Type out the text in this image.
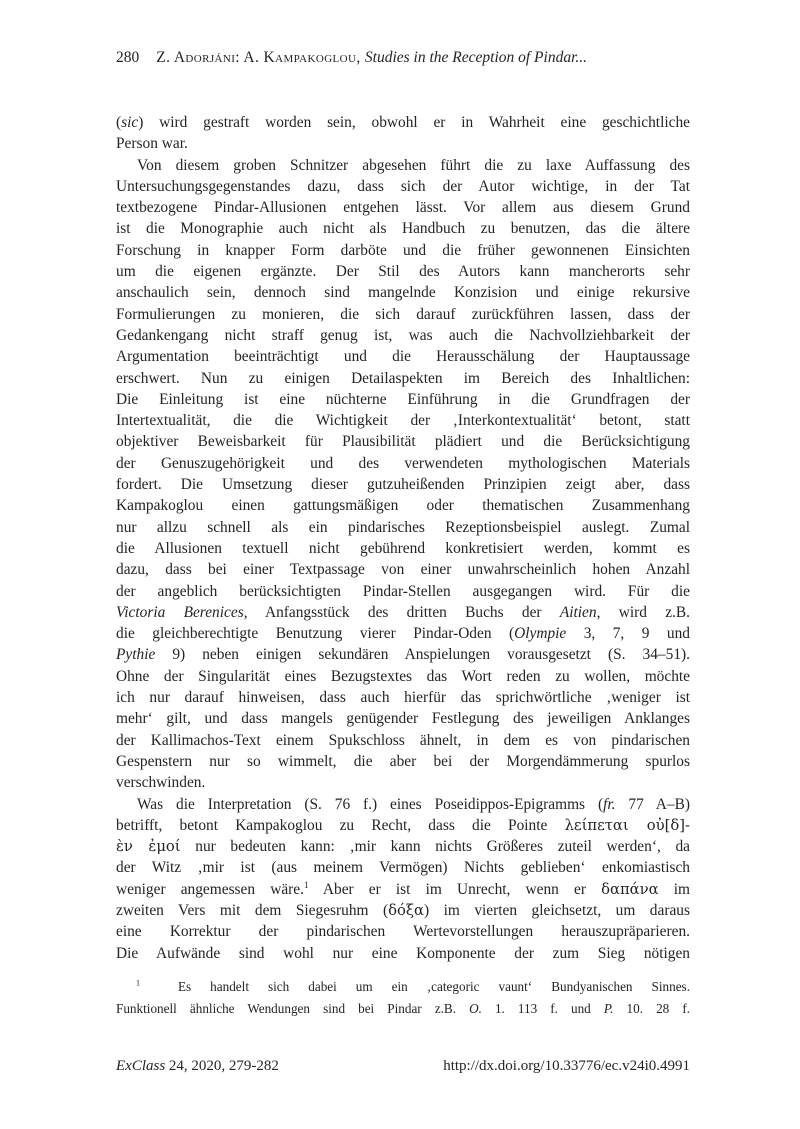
280 Z. Adorjáni: A. Kampakoglou, Studies in the Reception of Pindar...
(sic) wird gestraft worden sein, obwohl er in Wahrheit eine geschichtliche
Person war.
Von diesem groben Schnitzer abgesehen führt die zu laxe Auffassung des
Untersuchungsgegenstandes dazu, dass sich der Autor wichtige, in der Tat
textbezogene Pindar-Allusionen entgehen lässt. Vor allem aus diesem Grund
ist die Monographie auch nicht als Handbuch zu benutzen, das die ältere
Forschung in knapper Form darböte und die früher gewonnenen Einsichten
um die eigenen ergänzte. Der Stil des Autors kann mancherorts sehr
anschaulich sein, dennoch sind mangelnde Konzision und einige rekursive
Formulierungen zu monieren, die sich darauf zurückführen lassen, dass der
Gedankengang nicht straff genug ist, was auch die Nachvollziehbarkeit der
Argumentation beeinträchtigt und die Herausschälung der Hauptaussage
erschwert. Nun zu einigen Detailaspekten im Bereich des Inhaltlichen:
Die Einleitung ist eine nüchterne Einführung in die Grundfragen der
Intertextualität, die die Wichtigkeit der ‚Interkontextualität‘ betont, statt
objektiver Beweisbarkeit für Plausibilität plädiert und die Berücksichtigung
der Genuszugehörigkeit und des verwendeten mythologischen Materials
fordert. Die Umsetzung dieser gutzuheißenden Prinzipien zeigt aber, dass
Kampakoglou einen gattungsmäßigen oder thematischen Zusammenhang
nur allzu schnell als ein pindarisches Rezeptionsbeispiel auslegt. Zumal
die Allusionen textuell nicht gebührend konkretisiert werden, kommt es
dazu, dass bei einer Textpassage von einer unwahrscheinlich hohen Anzahl
der angeblich berücksichtigten Pindar-Stellen ausgegangen wird. Für die
Victoria Berenices, Anfangsstück des dritten Buchs der Aitien, wird z.B.
die gleichberechtigte Benutzung vierer Pindar-Oden (Olympie 3, 7, 9 und
Pythie 9) neben einigen sekundären Anspielungen vorausgesetzt (S. 34–51).
Ohne der Singularität eines Bezugstextes das Wort reden zu wollen, möchte
ich nur darauf hinweisen, dass auch hierfür das sprichwörtliche ‚weniger ist
mehr‘ gilt, und dass mangels genügender Festlegung des jeweiligen Anklanges
der Kallimachos-Text einem Spukschloss ähnelt, in dem es von pindarischen
Gespenstern nur so wimmelt, die aber bei der Morgendämmerung spurlos
verschwinden.
Was die Interpretation (S. 76 f.) eines Poseidippos-Epigramms (fr. 77 A–B)
betrifft, betont Kampakoglou zu Recht, dass die Pointe λείπεται οὐ[δ]-
ὲν ἐμοί nur bedeuten kann: ‚mir kann nichts Größeres zuteil werden‘, da
der Witz ‚mir ist (aus meinem Vermögen) Nichts geblieben‘ enkomiastisch
weniger angemessen wäre.$^1$ Aber er ist im Unrecht, wenn er δαπάνα im
zweiten Vers mit dem Siegesruhm (δόξα) im vierten gleichsetzt, um daraus
eine Korrektur der pindarischen Wertevorstellungen herauszupräparieren.
Die Aufwände sind wohl nur eine Komponente der zum Sieg nötigen
$^1$  Es handelt sich dabei um ein ‚categoric vaunt‘ Bundyanischen Sinnes.
Funktionell ähnliche Wendungen sind bei Pindar z.B. O. 1. 113 f. und P. 10. 28 f.
ExClass 24, 2020, 279-282	http://dx.doi.org/10.33776/ec.v24i0.4991
